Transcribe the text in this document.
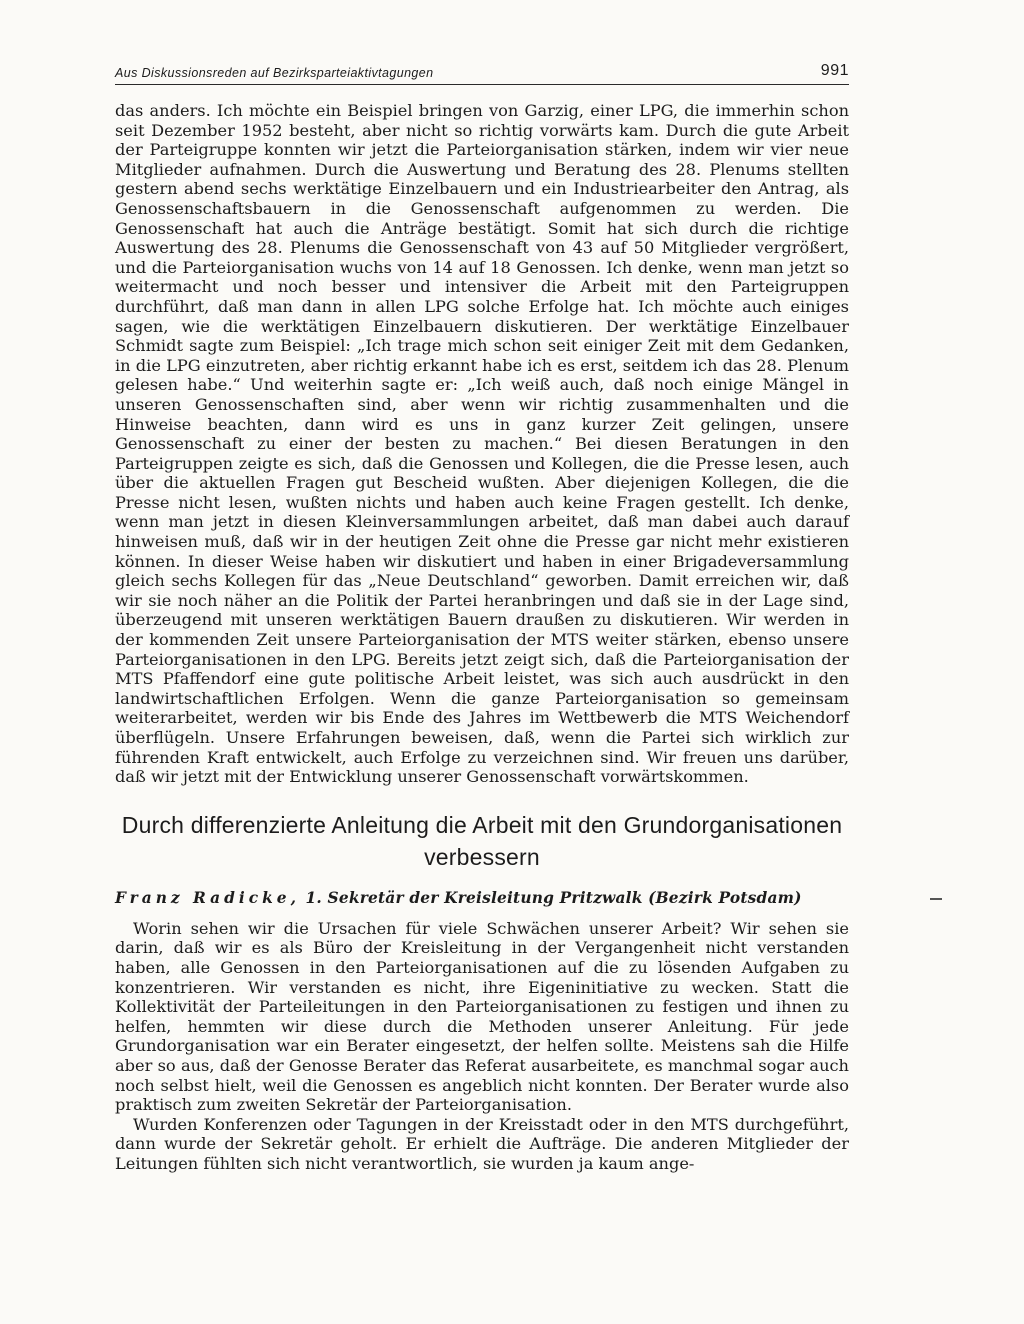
Aus Diskussionsreden auf Bezirksparteiaktivtagungen	991

das anders. Ich möchte ein Beispiel bringen von Garzig, einer LPG, die immerhin schon seit Dezember 1952 besteht, aber nicht so richtig vorwärts kam. Durch die gute Arbeit der Parteigruppe konnten wir jetzt die Parteiorganisation stärken, indem wir vier neue Mitglieder aufnahmen. Durch die Auswertung und Beratung des 28. Plenums stellten gestern abend sechs werktätige Einzelbauern und ein Industriearbeiter den Antrag, als Genossenschaftsbauern in die Genossenschaft aufgenommen zu werden. Die Genossenschaft hat auch die Anträge bestätigt. Somit hat sich durch die richtige Auswertung des 28. Plenums die Genossenschaft von 43 auf 50 Mitglieder vergrößert, und die Parteiorganisation wuchs von 14 auf 18 Genossen. Ich denke, wenn man jetzt so weitermacht und noch besser und intensiver die Arbeit mit den Parteigruppen durchführt, daß man dann in allen LPG solche Erfolge hat. Ich möchte auch einiges sagen, wie die werktätigen Einzelbauern diskutieren. Der werktätige Einzelbauer Schmidt sagte zum Beispiel: „Ich trage mich schon seit einiger Zeit mit dem Gedanken, in die LPG einzutreten, aber richtig erkannt habe ich es erst, seitdem ich das 28. Plenum gelesen habe.“ Und weiterhin sagte er: „Ich weiß auch, daß noch einige Mängel in unseren Genossenschaften sind, aber wenn wir richtig zusammenhalten und die Hinweise beachten, dann wird es uns in ganz kurzer Zeit gelingen, unsere Genossenschaft zu einer der besten zu machen.“ Bei diesen Beratungen in den Parteigruppen zeigte es sich, daß die Genossen und Kollegen, die die Presse lesen, auch über die aktuellen Fragen gut Bescheid wußten. Aber diejenigen Kollegen, die die Presse nicht lesen, wußten nichts und haben auch keine Fragen gestellt. Ich denke, wenn man jetzt in diesen Kleinversammlungen arbeitet, daß man dabei auch darauf hinweisen muß, daß wir in der heutigen Zeit ohne die Presse gar nicht mehr existieren können. In dieser Weise haben wir diskutiert und haben in einer Brigadeversammlung gleich sechs Kollegen für das „Neue Deutschland“ geworben. Damit erreichen wir, daß wir sie noch näher an die Politik der Partei heranbringen und daß sie in der Lage sind, überzeugend mit unseren werktätigen Bauern draußen zu diskutieren. Wir werden in der kommenden Zeit unsere Parteiorganisation der MTS weiter stärken, ebenso unsere Parteiorganisationen in den LPG. Bereits jetzt zeigt sich, daß die Parteiorganisation der MTS Pfaffendorf eine gute politische Arbeit leistet, was sich auch ausdrückt in den landwirtschaftlichen Erfolgen. Wenn die ganze Parteiorganisation so gemeinsam weiterarbeitet, werden wir bis Ende des Jahres im Wettbewerb die MTS Weichendorf überflügeln. Unsere Erfahrungen beweisen, daß, wenn die Partei sich wirklich zur führenden Kraft entwickelt, auch Erfolge zu verzeichnen sind. Wir freuen uns darüber, daß wir jetzt mit der Entwicklung unserer Genossenschaft vorwärtskommen.

Durch differenzierte Anleitung die Arbeit mit den Grundorganisationen
verbessern
Franz Radicke, 1. Sekretär der Kreisleitung Pritzwalk (Bezirk Potsdam)

Worin sehen wir die Ursachen für viele Schwächen unserer Arbeit? Wir sehen sie darin, daß wir es als Büro der Kreisleitung in der Vergangenheit nicht verstanden haben, alle Genossen in den Parteiorganisationen auf die zu lösenden Aufgaben zu konzentrieren. Wir verstanden es nicht, ihre Eigeninitiative zu wecken. Statt die Kollektivität der Parteileitungen in den Parteiorganisationen zu festigen und ihnen zu helfen, hemmten wir diese durch die Methoden unserer Anleitung. Für jede Grundorganisation war ein Berater eingesetzt, der helfen sollte. Meistens sah die Hilfe aber so aus, daß der Genosse Berater das Referat ausarbeitete, es manchmal sogar auch noch selbst hielt, weil die Genossen es angeblich nicht konnten. Der Berater wurde also praktisch zum zweiten Sekretär der Parteiorganisation.

Wurden Konferenzen oder Tagungen in der Kreisstadt oder in den MTS durchgeführt, dann wurde der Sekretär geholt. Er erhielt die Aufträge. Die anderen Mitglieder der Leitungen fühlten sich nicht verantwortlich, sie wurden ja kaum ange-
